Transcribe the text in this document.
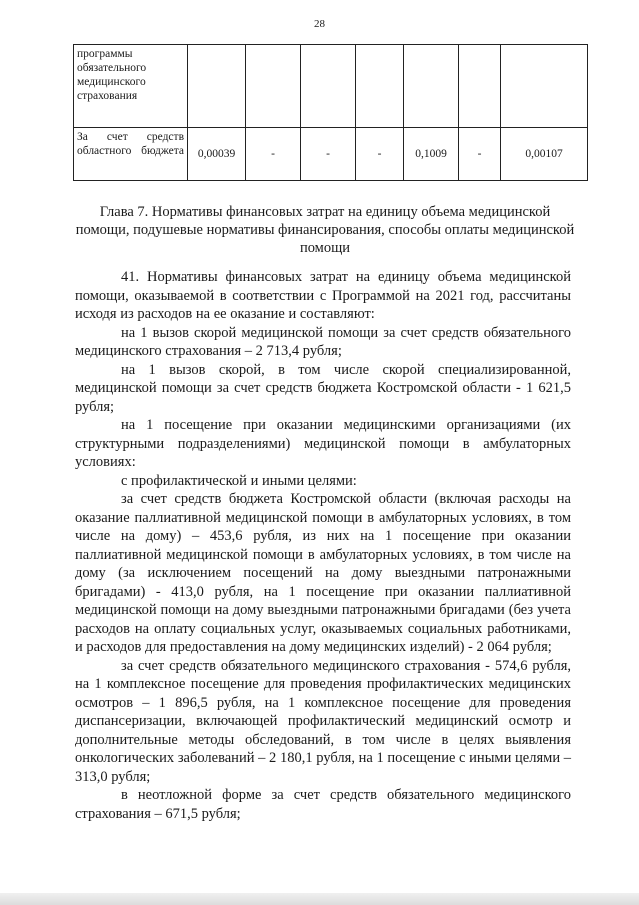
28
программы обязательного медицинского страхования							
За счет средств областного бюджета	0,00039	-	-	-	0,1009	-	0,00107
Глава 7. Нормативы финансовых затрат на единицу объема медицинской помощи, подушевые нормативы финансирования, способы оплаты медицинской помощи

41. Нормативы финансовых затрат на единицу объема медицинской помощи, оказываемой в соответствии с Программой на 2021 год, рассчитаны исходя из расходов на ее оказание и составляют:

на 1 вызов скорой медицинской помощи за счет средств обязательного медицинского страхования – 2 713,4 рубля;

на 1 вызов скорой, в том числе скорой специализированной, медицинской помощи за счет средств бюджета Костромской области - 1 621,5 рубля;

на 1 посещение при оказании медицинскими организациями (их структурными подразделениями) медицинской помощи в амбулаторных условиях:

с профилактической и иными целями:

за счет средств бюджета Костромской области (включая расходы на оказание паллиативной медицинской помощи в амбулаторных условиях, в том числе на дому) – 453,6 рубля, из них на 1 посещение при оказании паллиативной медицинской помощи в амбулаторных условиях, в том числе на дому (за исключением посещений на дому выездными патронажными бригадами) - 413,0 рубля, на 1 посещение при оказании паллиативной медицинской помощи на дому выездными патронажными бригадами (без учета расходов на оплату социальных услуг, оказываемых социальных работниками, и расходов для предоставления на дому медицинских изделий) - 2 064 рубля;

за счет средств обязательного медицинского страхования - 574,6 рубля, на 1 комплексное посещение для проведения профилактических медицинских осмотров – 1 896,5 рубля, на 1 комплексное посещение для проведения диспансеризации, включающей профилактический медицинский осмотр и дополнительные методы обследований, в том числе в целях выявления онкологических заболеваний – 2 180,1 рубля, на 1 посещение с иными целями – 313,0 рубля;

в неотложной форме за счет средств обязательного медицинского страхования – 671,5 рубля;
